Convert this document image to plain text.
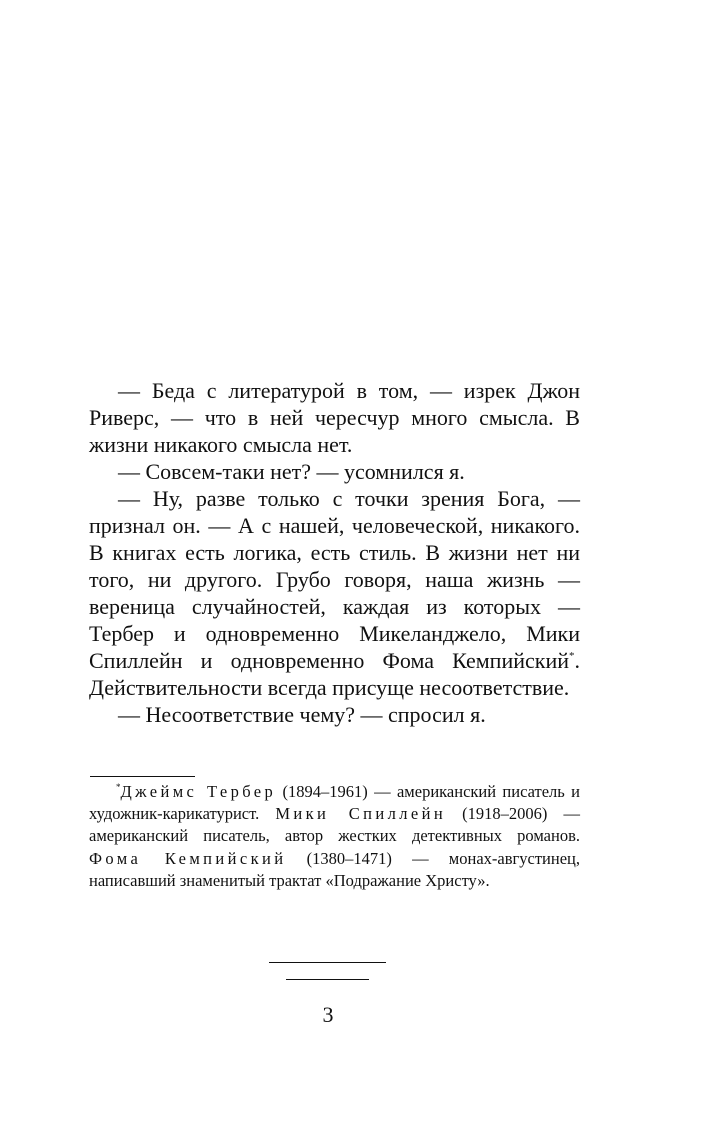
— Беда с литературой в том, — изрек Джон Риверс, — что в ней чересчур много смысла. В жизни никакого смысла нет.

— Совсем-таки нет? — усомнился я.

— Ну, разве только с точки зрения Бога, — признал он. — А с нашей, человеческой, никакого. В книгах есть логика, есть стиль. В жизни нет ни того, ни другого. Грубо говоря, наша жизнь — вереница случайностей, каждая из которых — Тербер и одновременно Микеланджело, Мики Спиллейн и одновременно Фома Кемпийский*. Действительности всегда присуще несоответствие.

— Несоответствие чему? — спросил я.

*Джеймс Тербер (1894–1961) — американский писатель и художник-карикатурист. Мики Спиллейн (1918–2006) — американский писатель, автор жестких детективных романов. Фома Кемпийский (1380–1471) — монах-августинец, написавший знаменитый трактат «Подражание Христу».
3
